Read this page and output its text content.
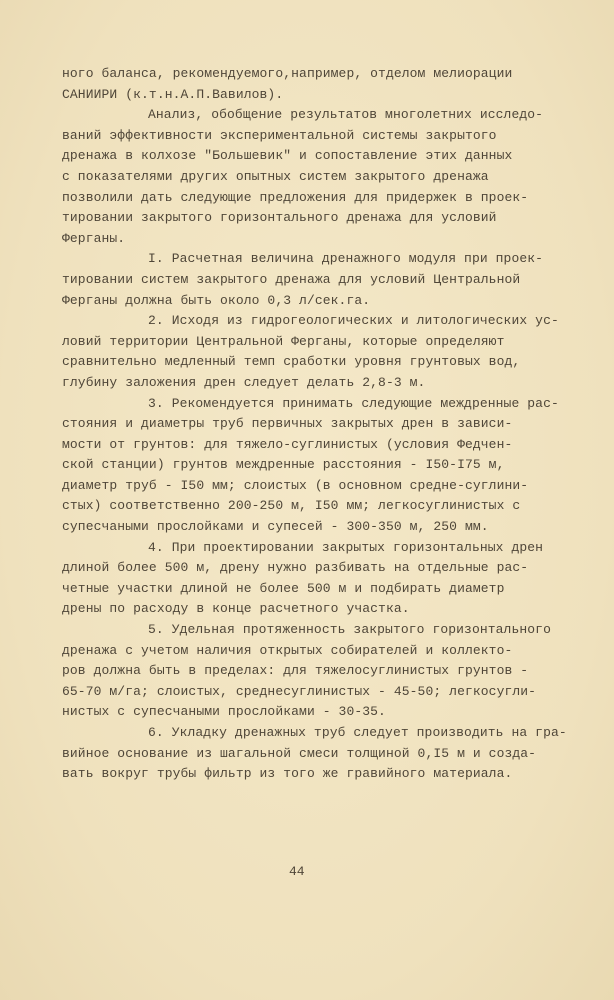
ного баланса, рекомендуемого,например, отделом мелиорации
САНИИРИ (к.т.н.А.П.Вавилов).
Анализ, обобщение результатов многолетних исследо-
ваний эффективности экспериментальной системы закрытого
дренажа в колхозе "Большевик" и сопоставление этих данных
с показателями других опытных систем закрытого дренажа
позволили дать следующие предложения для придержек в проек-
тировании закрытого горизонтального дренажа для условий
Ферганы.
I. Расчетная величина дренажного модуля при проек-
тировании систем закрытого дренажа для условий Центральной
Ферганы должна быть около 0,3 л/сек.га.
2. Исходя из гидрогеологических и литологических ус-
ловий территории Центральной Ферганы, которые определяют
сравнительно медленный темп сработки уровня грунтовых вод,
глубину заложения дрен следует делать 2,8-3 м.
3. Рекомендуется принимать следующие междренные рас-
стояния и диаметры труб первичных закрытых дрен в зависи-
мости от грунтов: для тяжело-суглинистых (условия Федчен-
ской станции) грунтов междренные расстояния - I50-I75 м,
диаметр труб - I50 мм; слоистых (в основном средне-суглини-
стых) соответственно 200-250 м, I50 мм; легкосуглинистых с
супесчаными прослойками и супесей - 300-350 м, 250 мм.
4. При проектировании закрытых горизонтальных дрен
длиной более 500 м, дрену нужно разбивать на отдельные рас-
четные участки длиной не более 500 м и подбирать диаметр
дрены по расходу в конце расчетного участка.
5. Удельная протяженность закрытого горизонтального
дренажа с учетом наличия открытых собирателей и коллекто-
ров должна быть в пределах: для тяжелосуглинистых грунтов -
65-70 м/га; слоистых, среднесуглинистых - 45-50; легкосугли-
нистых с супесчаными прослойками - 30-35.
6. Укладку дренажных труб следует производить на гра-
вийное основание из шагальной смеси толщиной 0,I5 м и созда-
вать вокруг трубы фильтр из того же гравийного материала.
44
